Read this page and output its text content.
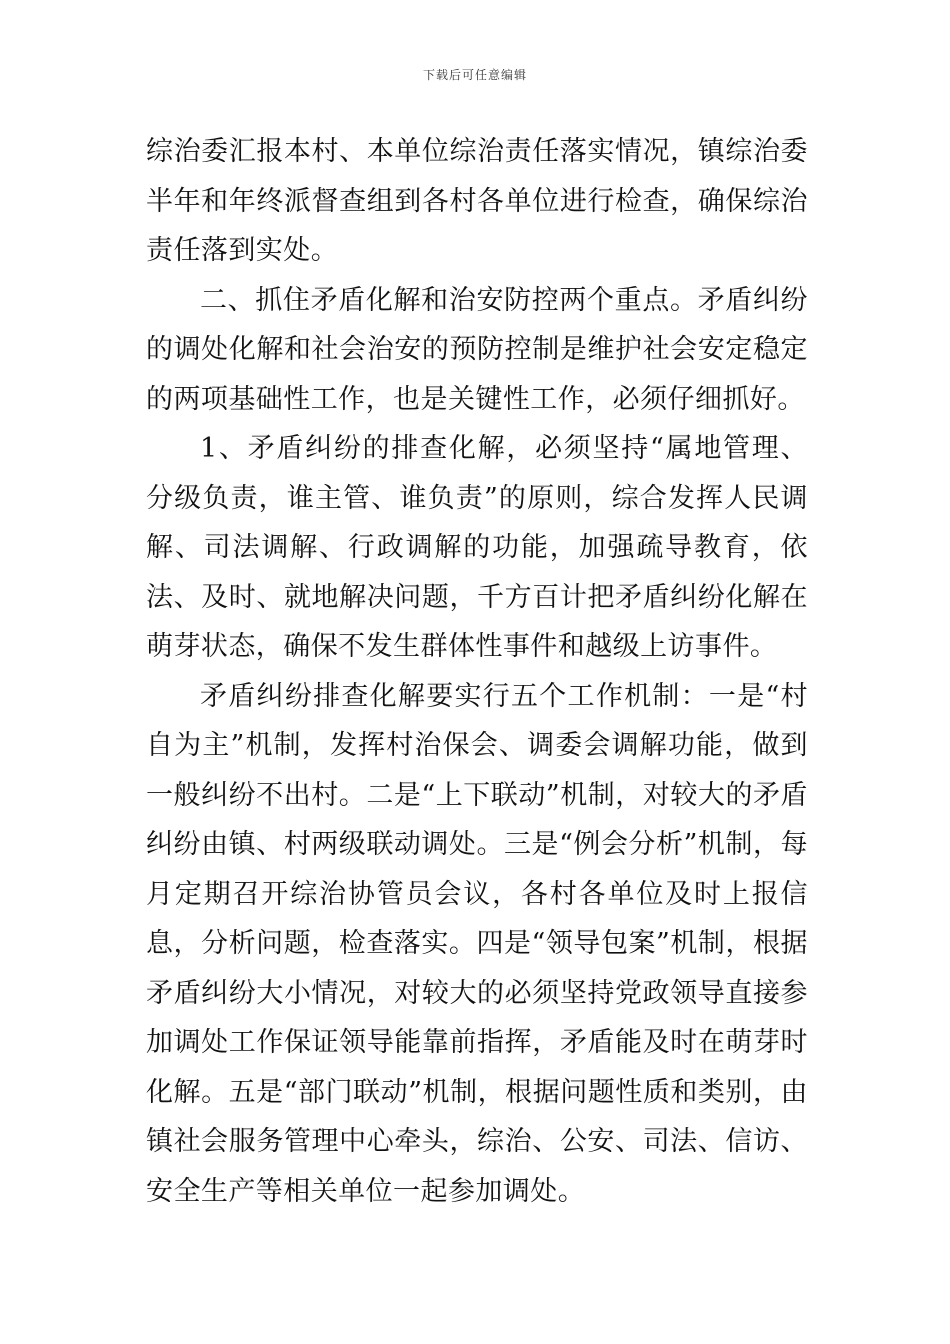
下载后可任意编辑

综治委汇报本村、本单位综治责任落实情况，镇综治委半年和年终派督查组到各村各单位进行检查，确保综治责任落到实处。

二、抓住矛盾化解和治安防控两个重点。矛盾纠纷的调处化解和社会治安的预防控制是维护社会安定稳定的两项基础性工作，也是关键性工作，必须仔细抓好。

1、矛盾纠纷的排查化解，必须坚持“属地管理、分级负责，谁主管、谁负责”的原则，综合发挥人民调解、司法调解、行政调解的功能，加强疏导教育，依法、及时、就地解决问题，千方百计把矛盾纠纷化解在萌芽状态，确保不发生群体性事件和越级上访事件。

矛盾纠纷排查化解要实行五个工作机制：一是“村自为主”机制，发挥村治保会、调委会调解功能，做到一般纠纷不出村。二是“上下联动”机制，对较大的矛盾纠纷由镇、村两级联动调处。三是“例会分析”机制，每月定期召开综治协管员会议，各村各单位及时上报信息，分析问题，检查落实。四是“领导包案”机制，根据矛盾纠纷大小情况，对较大的必须坚持党政领导直接参加调处工作保证领导能靠前指挥，矛盾能及时在萌芽时化解。五是“部门联动”机制，根据问题性质和类别，由镇社会服务管理中心牵头，综治、公安、司法、信访、安全生产等相关单位一起参加调处。
